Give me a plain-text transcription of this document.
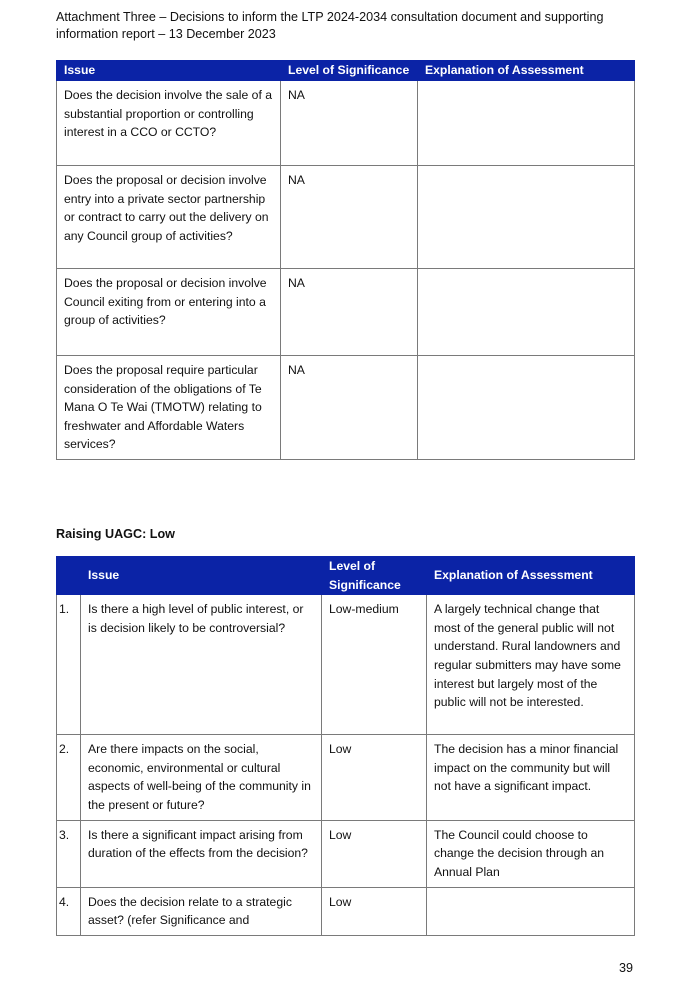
Attachment Three – Decisions to inform the LTP 2024-2034 consultation document and supporting
information report – 13 December 2023
Issue	Level of Significance	Explanation of Assessment
Does the decision involve the sale of a substantial proportion or controlling interest in a CCO or CCTO?	NA	
Does the proposal or decision involve entry into a private sector partnership or contract to carry out the delivery on any Council group of activities?	NA	
Does the proposal or decision involve Council exiting from or entering into a group of activities?	NA	
Does the proposal require particular consideration of the obligations of Te Mana O Te Wai (TMOTW) relating to freshwater and Affordable Waters services?	NA	
Raising UAGC: Low
	Issue	Level of Significance	Explanation of Assessment
1.	Is there a high level of public interest, or is decision likely to be controversial?	Low-medium	A largely technical change that most of the general public will not understand. Rural landowners and regular submitters may have some interest but largely most of the public will not be interested.
2.	Are there impacts on the social, economic, environmental or cultural aspects of well-being of the community in the present or future?	Low	The decision has a minor financial impact on the community but will not have a significant impact.
3.	Is there a significant impact arising from duration of the effects from the decision?	Low	The Council could choose to change the decision through an Annual Plan
4.	Does the decision relate to a strategic asset? (refer Significance and	Low	
39
